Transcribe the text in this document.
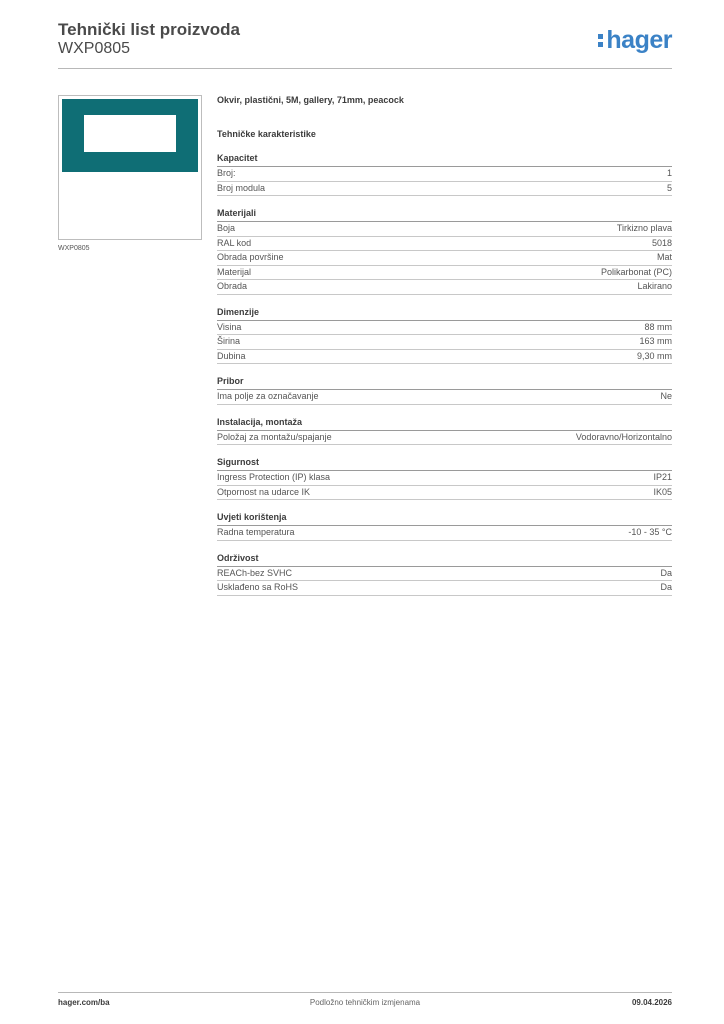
Tehnički list proizvoda
WXP0805	hager
WXP0805
Okvir, plastični, 5M, gallery, 71mm, peacock
Tehničke karakteristike
Kapacitet
Broj:	1
Broj modula	5
Materijali
Boja	Tirkizno plava
RAL kod	5018
Obrada površine	Mat
Materijal	Polikarbonat (PC)
Obrada	Lakirano
Dimenzije
Visina	88 mm
Širina	163 mm
Dubina	9,30 mm
Pribor
Ima polje za označavanje	Ne
Instalacija, montaža
Položaj za montažu/spajanje	Vodoravno/Horizontalno
Sigurnost
Ingress Protection (IP) klasa	IP21
Otpornost na udarce IK	IK05
Uvjeti korištenja
Radna temperatura	-10 - 35 °C
Održivost
REACh-bez SVHC	Da
Usklađeno sa RoHS	Da
Podložno tehničkim izmjenama
hager.com/ba	09.04.2026
